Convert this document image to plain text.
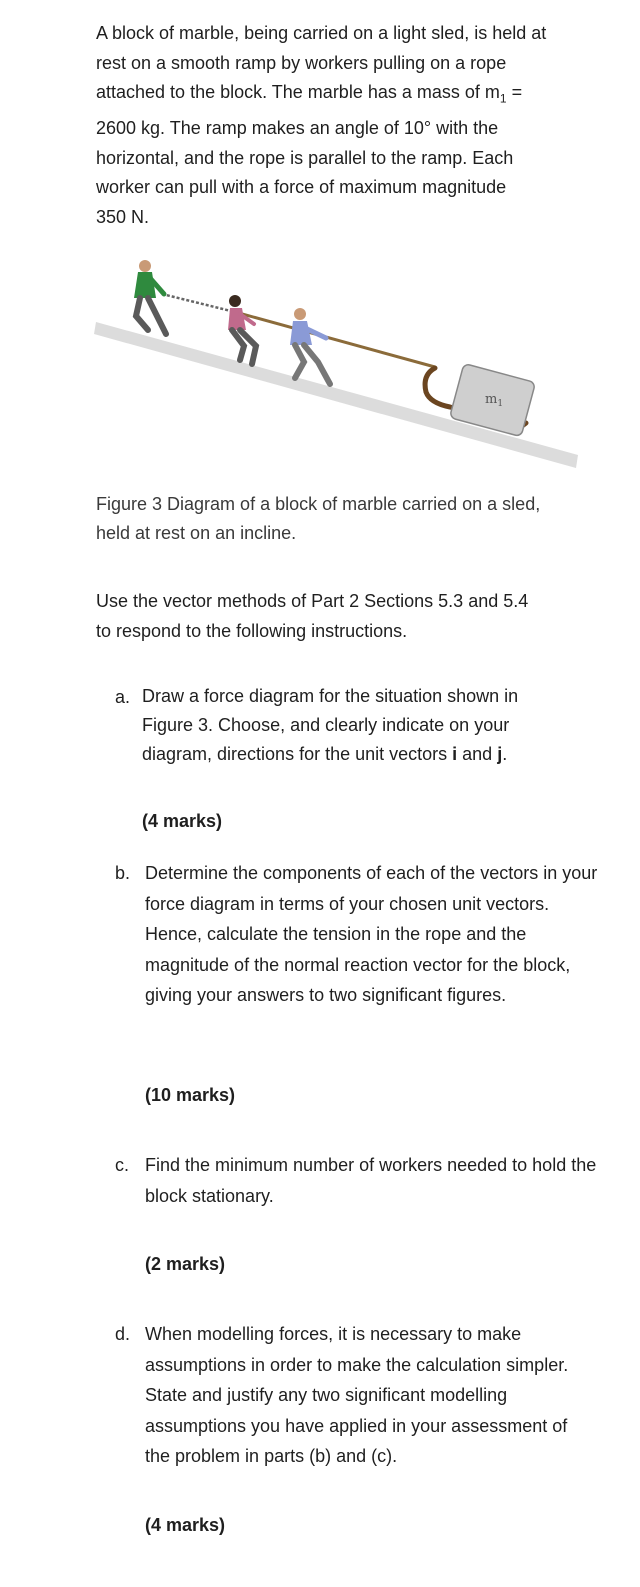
A block of marble, being carried on a light sled, is held at
rest on a smooth ramp by workers pulling on a rope
attached to the block. The marble has a mass of $m_1$ =
2600 kg. The ramp makes an angle of 10° with the
horizontal, and the rope is parallel to the ramp. Each
worker can pull with a force of maximum magnitude
350 N.
$m_1$
Figure 3 Diagram of a block of marble carried on a sled,
held at rest on an incline.
Use the vector methods of Part 2 Sections 5.3 and 5.4
to respond to the following instructions.
a. Draw a force diagram for the situation shown in Figure 3. Choose, and clearly indicate on your diagram, directions for the unit vectors i and j.
(4 marks)
b. Determine the components of each of the vectors in your force diagram in terms of your chosen unit vectors. Hence, calculate the tension in the rope and the magnitude of the normal reaction vector for the block, giving your answers to two significant figures.
(10 marks)
c. Find the minimum number of workers needed to hold the block stationary.
(2 marks)
d. When modelling forces, it is necessary to make assumptions in order to make the calculation simpler. State and justify any two significant modelling assumptions you have applied in your assessment of the problem in parts (b) and (c).
(4 marks)
